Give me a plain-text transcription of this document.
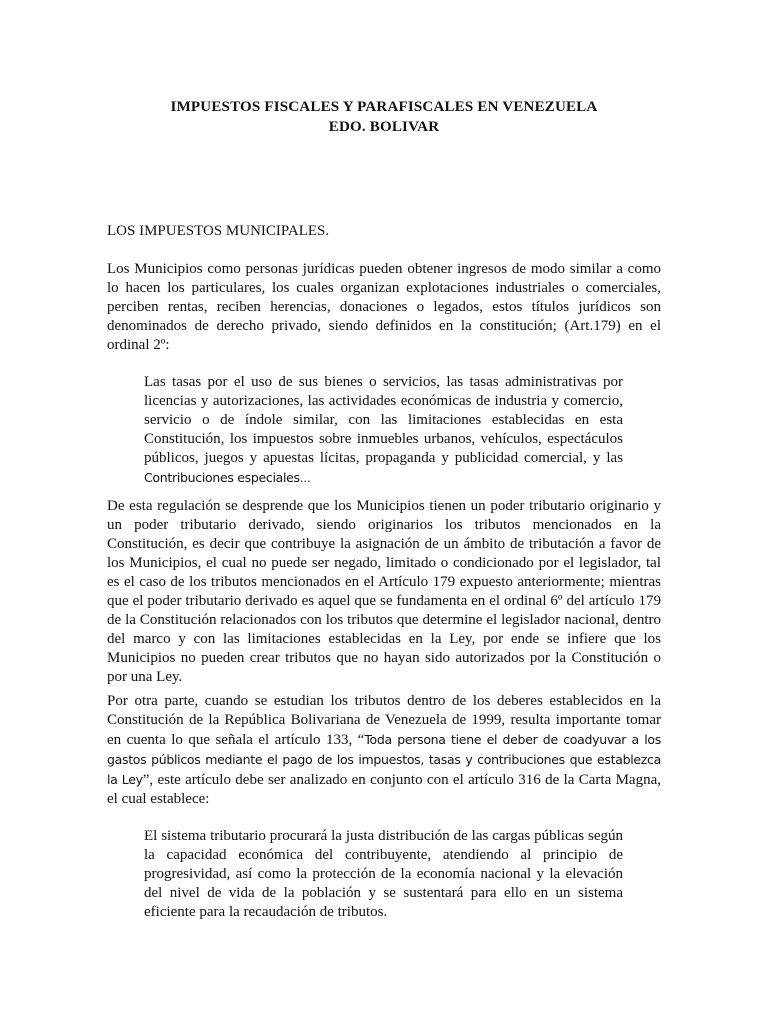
IMPUESTOS FISCALES Y PARAFISCALES EN VENEZUELA
EDO. BOLIVAR
LOS IMPUESTOS MUNICIPALES.

Los Municipios como personas jurídicas pueden obtener ingresos de modo similar a como lo hacen los particulares, los cuales organizan explotaciones industriales o comerciales, perciben rentas, reciben herencias, donaciones o legados, estos títulos jurídicos son denominados de derecho privado, siendo definidos en la constitución; (Art.179) en el ordinal 2º:

Las tasas por el uso de sus bienes o servicios, las tasas administrativas por licencias y autorizaciones, las actividades económicas de industria y comercio, servicio o de índole similar, con las limitaciones establecidas en esta Constitución, los impuestos sobre inmuebles urbanos, vehículos, espectáculos públicos, juegos y apuestas lícitas, propaganda y publicidad comercial, y las Contribuciones especiales…

De esta regulación se desprende que los Municipios tienen un poder tributario originario y un poder tributario derivado, siendo originarios los tributos mencionados en la Constitución, es decir que contribuye la asignación de un ámbito de tributación a favor de los Municipios, el cual no puede ser negado, limitado o condicionado por el legislador, tal es el caso de los tributos mencionados en el Artículo 179 expuesto anteriormente; mientras que el poder tributario derivado es aquel que se fundamenta en el ordinal 6º del artículo 179 de la Constitución relacionados con los tributos que determine el legislador nacional, dentro del marco y con las limitaciones establecidas en la Ley, por ende se infiere que los Municipios no pueden crear tributos que no hayan sido autorizados por la Constitución o por una Ley.

Por otra parte, cuando se estudian los tributos dentro de los deberes establecidos en la Constitución de la República Bolivariana de Venezuela de 1999, resulta importante tomar en cuenta lo que señala el artículo 133, “Toda persona tiene el deber de coadyuvar a los gastos públicos mediante el pago de los impuestos, tasas y contribuciones que establezca la Ley”, este artículo debe ser analizado en conjunto con el artículo 316 de la Carta Magna, el cual establece:

El sistema tributario procurará la justa distribución de las cargas públicas según la capacidad económica del contribuyente, atendiendo al principio de progresividad, así como la protección de la economía nacional y la elevación del nivel de vida de la población y se sustentará para ello en un sistema eficiente para la recaudación de tributos.
